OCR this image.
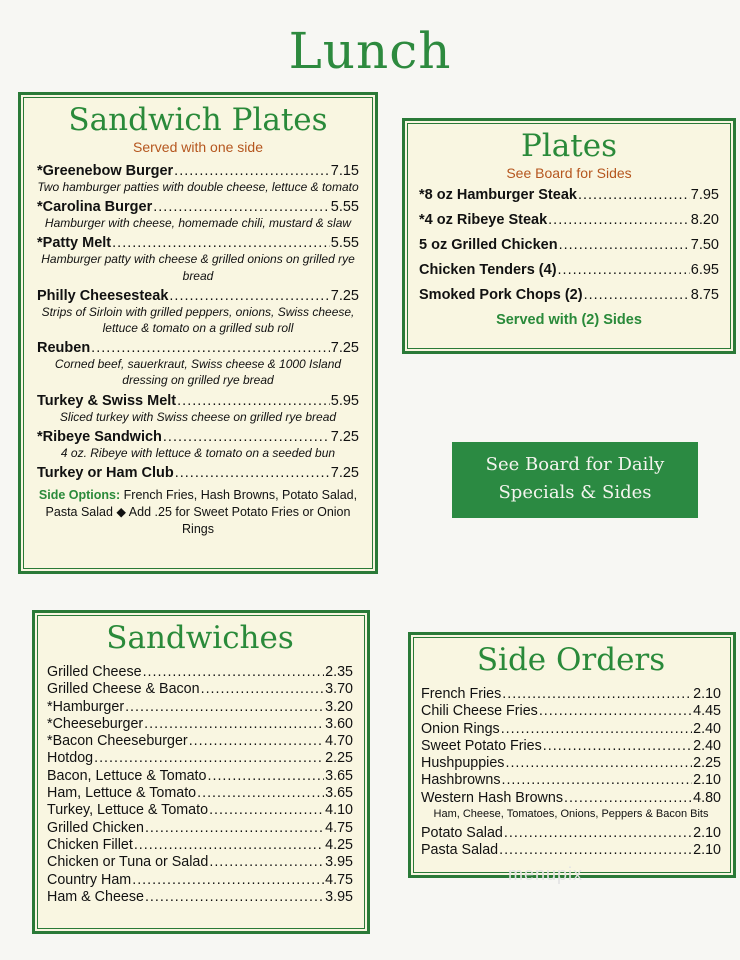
Lunch
Sandwich Plates
Served with one side
*Greenebow Burger .....	7.15
Two hamburger patties with double cheese, lettuce & tomato
*Carolina Burger .....	5.55
Hamburger with cheese, homemade chili, mustard & slaw
*Patty Melt .....	5.55
Hamburger patty with cheese & grilled onions on grilled rye bread
Philly Cheesesteak .....	7.25
Strips of Sirloin with grilled peppers, onions, Swiss cheese, lettuce & tomato on a grilled sub roll
Reuben .....	7.25
Corned beef, sauerkraut, Swiss cheese & 1000 Island dressing on grilled rye bread
Turkey & Swiss Melt .....	5.95
Sliced turkey with Swiss cheese on grilled rye bread
*Ribeye Sandwich .....	7.25
4 oz. Ribeye with lettuce & tomato on a seeded bun
Turkey or Ham Club .....	7.25
Side Options: French Fries, Hash Browns, Potato Salad,
Pasta Salad ◆ Add .25 for Sweet Potato Fries or Onion Rings
Plates
See Board for Sides
*8 oz Hamburger Steak .....	7.95
*4 oz Ribeye Steak .....	8.20
5 oz Grilled Chicken .....	7.50
Chicken Tenders (4) .....	6.95
Smoked Pork Chops (2) .....	8.75
Served with (2) Sides
See Board for Daily
Specials & Sides
Sandwiches
Grilled Cheese .....	2.35
Grilled Cheese & Bacon .....	3.70
*Hamburger .....	3.20
*Cheeseburger .....	3.60
*Bacon Cheeseburger .....	4.70
Hotdog .....	2.25
Bacon, Lettuce & Tomato .....	3.65
Ham, Lettuce & Tomato .....	3.65
Turkey, Lettuce & Tomato .....	4.10
Grilled Chicken .....	4.75
Chicken Fillet .....	4.25
Chicken or Tuna or Salad .....	3.95
Country Ham .....	4.75
Ham & Cheese .....	3.95
Side Orders
French Fries .....	2.10
Chili Cheese Fries .....	4.45
Onion Rings .....	2.40
Sweet Potato Fries .....	2.40
Hushpuppies .....	2.25
Hashbrowns .....	2.10
Western Hash Browns .....	4.80
Ham, Cheese, Tomatoes, Onions, Peppers & Bacon Bits
Potato Salad .....	2.10
Pasta Salad .....	2.10
menupix
